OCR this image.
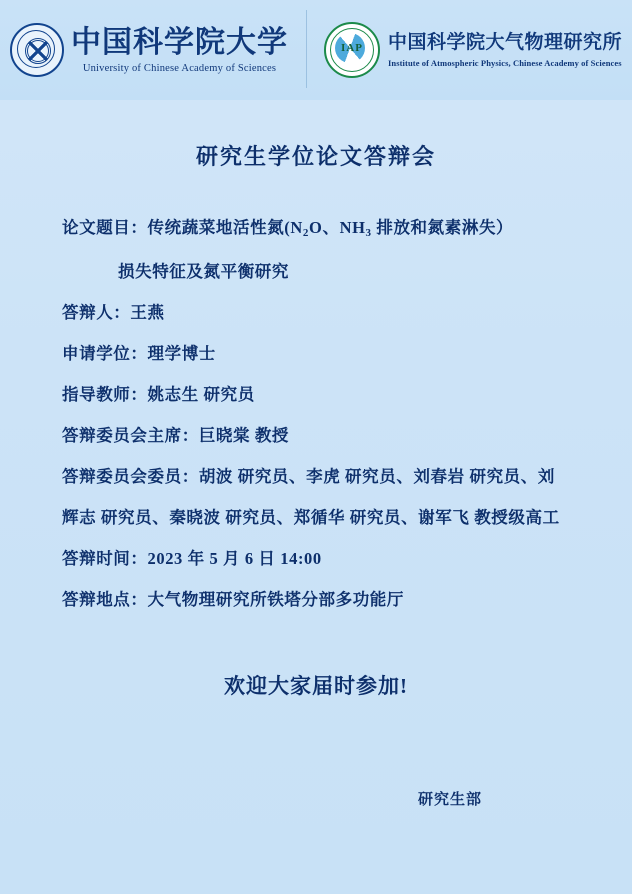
中国科学院大学
University of Chinese Academy of Sciences
IAP	中国科学院大气物理研究所
Institute of Atmospheric Physics, Chinese Academy of Sciences
研究生学位论文答辩会
论文题目：传统蔬菜地活性氮($N_2O$、$NH_3$ 排放和氮素淋失）
损失特征及氮平衡研究
答辩人：王燕
申请学位：理学博士
指导教师：姚志生 研究员
答辩委员会主席：巨晓棠 教授
答辩委员会委员：胡波 研究员、李虎 研究员、刘春岩 研究员、刘辉志 研究员、秦晓波 研究员、郑循华 研究员、谢军飞 教授级高工
答辩时间：2023 年 5 月 6 日 14:00
答辩地点：大气物理研究所铁塔分部多功能厅
欢迎大家届时参加!
研究生部
